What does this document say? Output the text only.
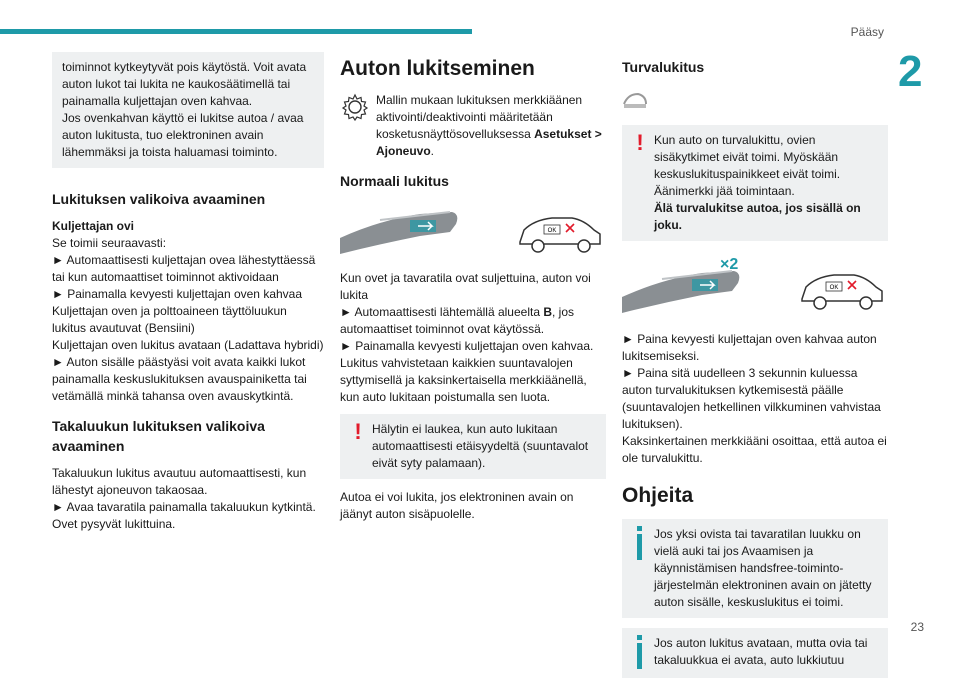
Pääsy
2
23

toiminnot kytkeytyvät pois käytöstä. Voit avata auton lukot tai lukita ne kaukosäätimellä tai painamalla kuljettajan oven kahvaa.
Jos ovenkahvan käyttö ei lukitse autoa / avaa auton lukitusta, tuo elektroninen avain lähemmäksi ja toista haluamasi toiminto.

Lukituksen valikoiva avaaminen

Kuljettajan ovi

Se toimii seuraavasti:
► Automaattisesti kuljettajan ovea lähestyttäessä tai kun automaattiset toiminnot aktivoidaan
► Painamalla kevyesti kuljettajan oven kahvaa
Kuljettajan oven ja polttoaineen täyttöluukun lukitus avautuvat (Bensiini)
Kuljettajan oven lukitus avataan (Ladattava hybridi)
► Auton sisälle päästyäsi voit avata kaikki lukot painamalla keskuslukituksen avauspainiketta tai vetämällä minkä tahansa oven avauskytkintä.

Takaluukun lukituksen valikoiva avaaminen

Takaluukun lukitus avautuu automaattisesti, kun lähestyt ajoneuvon takaosaa.
► Avaa tavaratila painamalla takaluukun kytkintä.
Ovet pysyvät lukittuina.

Auton lukitseminen

Mallin mukaan lukituksen merkkiäänen aktivointi/deaktivointi määritetään kosketusnäyttösovelluksessa Asetukset > Ajoneuvo.

Normaali lukitus
OK

Kun ovet ja tavaratila ovat suljettuina, auton voi lukita
► Automaattisesti lähtemällä alueelta B, jos automaattiset toiminnot ovat käytössä.
► Painamalla kevyesti kuljettajan oven kahvaa.
Lukitus vahvistetaan kaikkien suuntavalojen syttymisellä ja kaksinkertaisella merkkiäänellä, kun auto lukitaan poistumalla sen luota.

! Hälytin ei laukea, kun auto lukitaan automaattisesti etäisyydeltä (suuntavalot eivät syty palamaan).

Autoa ei voi lukita, jos elektroninen avain on jäänyt auton sisäpuolelle.

Turvalukitus
! Kun auto on turvalukittu, ovien sisäkytkimet eivät toimi. Myöskään keskuslukituspainikkeet eivät toimi.
Äänimerkki jää toimintaan.

Älä turvalukitse autoa, jos sisällä on joku.

×2
OK

► Paina kevyesti kuljettajan oven kahvaa auton lukitsemiseksi.
► Paina sitä uudelleen 3 sekunnin kuluessa auton turvalukituksen kytkemisestä päälle (suuntavalojen hetkellinen vilkkuminen vahvistaa lukituksen).
Kaksinkertainen merkkiääni osoittaa, että autoa ei ole turvalukittu.

Ohjeita

Jos yksi ovista tai tavaratilan luukku on vielä auki tai jos Avaamisen ja käynnistämisen handsfree-toiminto-järjestelmän elektroninen avain on jätetty auton sisälle, keskuslukitus ei toimi.

Jos auton lukitus avataan, mutta ovia tai takaluukkua ei avata, auto lukkiutuu
